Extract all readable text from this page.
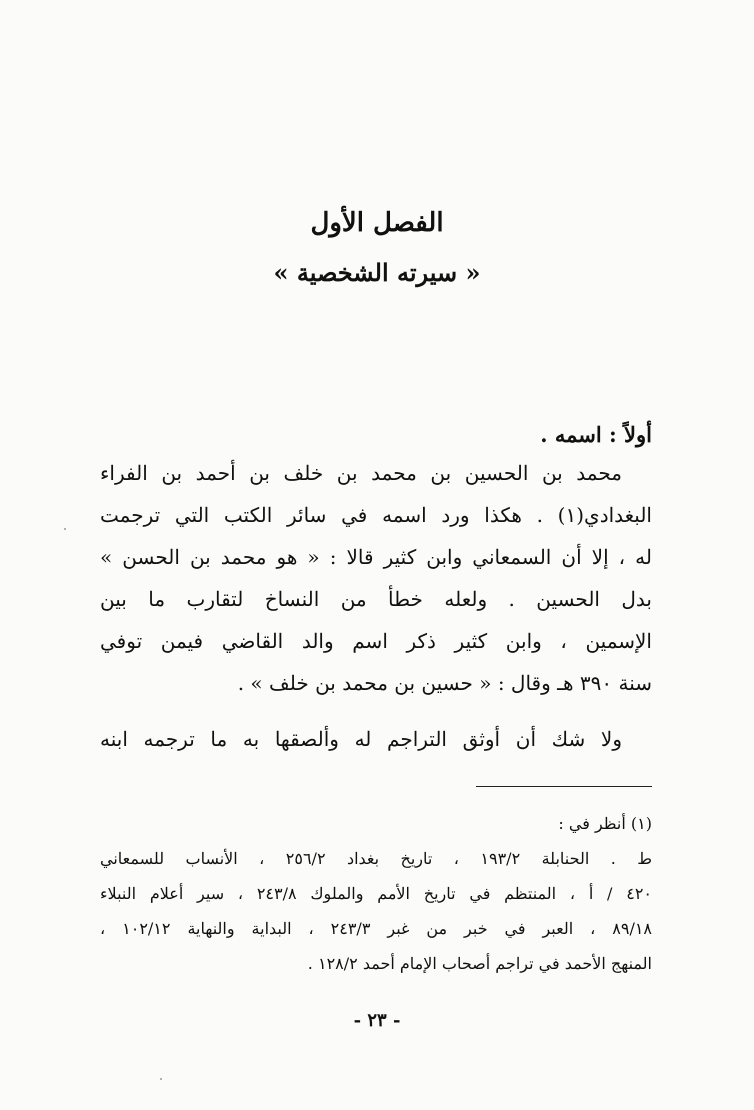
الفصل الأول
« سيرته الشخصية »
أولاً : اسمه .
محمد بن الحسين بن محمد بن خلف بن أحمد بن الفراء
البغدادي(١) . هكذا ورد اسمه في سائر الكتب التي ترجمت
له ، إلا أن السمعاني وابن كثير قالا : « هو محمد بن الحسن »
بدل الحسين . ولعله خطأ من النساخ لتقارب ما بين
الإسمين ، وابن كثير ذكر اسم والد القاضي فيمن توفي
سنة ٣٩٠ هـ وقال : « حسين بن محمد بن خلف » .
ولا شك أن أوثق التراجم له وألصقها به ما ترجمه ابنه
(١) أنظر في :
ط . الحنابلة ١٩٣/٢ ، تاريخ بغداد ٢٥٦/٢ ، الأنساب للسمعاني
٤٢٠ / أ ، المنتظم في تاريخ الأمم والملوك ٢٤٣/٨ ، سير أعلام النبلاء
٨٩/١٨ ، العبر في خبر من غبر ٢٤٣/٣ ، البداية والنهاية ١٠٢/١٢ ،
المنهج الأحمد في تراجم أصحاب الإمام أحمد ١٢٨/٢ .
- ٢٣ -
